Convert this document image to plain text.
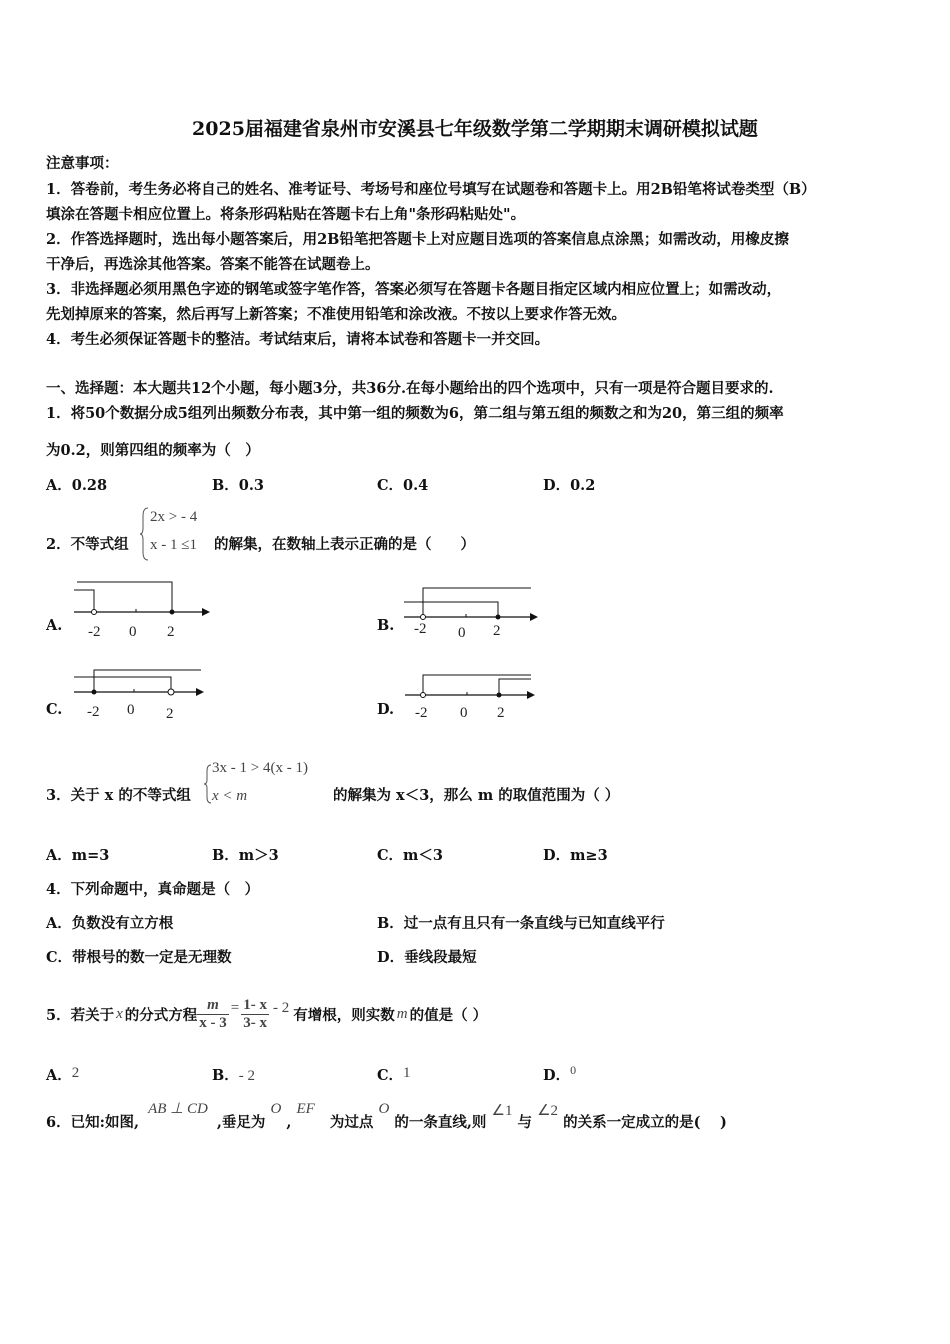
2025届福建省泉州市安溪县七年级数学第二学期期末调研模拟试题
注意事项：
1．答卷前，考生务必将自己的姓名、准考证号、考场号和座位号填写在试题卷和答题卡上。用2B铅笔将试卷类型（B）
填涂在答题卡相应位置上。将条形码粘贴在答题卡右上角"条形码粘贴处"。
2．作答选择题时，选出每小题答案后，用2B铅笔把答题卡上对应题目选项的答案信息点涂黑；如需改动，用橡皮擦
干净后，再选涂其他答案。答案不能答在试题卷上。
3．非选择题必须用黑色字迹的钢笔或签字笔作答，答案必须写在答题卡各题目指定区域内相应位置上；如需改动，
先划掉原来的答案，然后再写上新答案；不准使用铅笔和涂改液。不按以上要求作答无效。
4．考生必须保证答题卡的整洁。考试结束后，请将本试卷和答题卡一并交回。
一、选择题：本大题共12个小题，每小题3分，共36分.在每小题给出的四个选项中，只有一项是符合题目要求的.
1．将50个数据分成5组列出频数分布表，其中第一组的频数为6，第二组与第五组的频数之和为20，第三组的频率
为0.2，则第四组的频率为（　）
A．0.28	B．0.3	C．0.4	D．0.2
2．不等式组
2x > - 4
x - 1 ≤1 的解集，在数轴上表示正确的是（　　）
A. -2 0 2	B. -2 0 2
C. -2 0 2	D. -2 0 2
3．关于 x 的不等式组
3x - 1 > 4(x - 1)
x < m	的解集为 x＜3，那么 m 的取值范围为（ ）
A．m=3	B．m＞3	C．m＜3	D．m≥3
4．下列命题中，真命题是（　）
A．负数没有立方根	B．过一点有且只有一条直线与已知直线平行
C．带根号的数一定是无理数	D．垂线段最短
5．若关于 x 的分式方程 $\frac{m}{x - 3} = \frac{1- x}{3- x} - 2$ 有增根，则实数 m 的值是（ ）
A．2	B．- 2	C．1	D．$^0$
6．已知:如图, AB ⊥ CD ,垂足为 O , EF 为过点 O 的一条直线,则 ∠1 与 ∠2 的关系一定成立的是(　 )
